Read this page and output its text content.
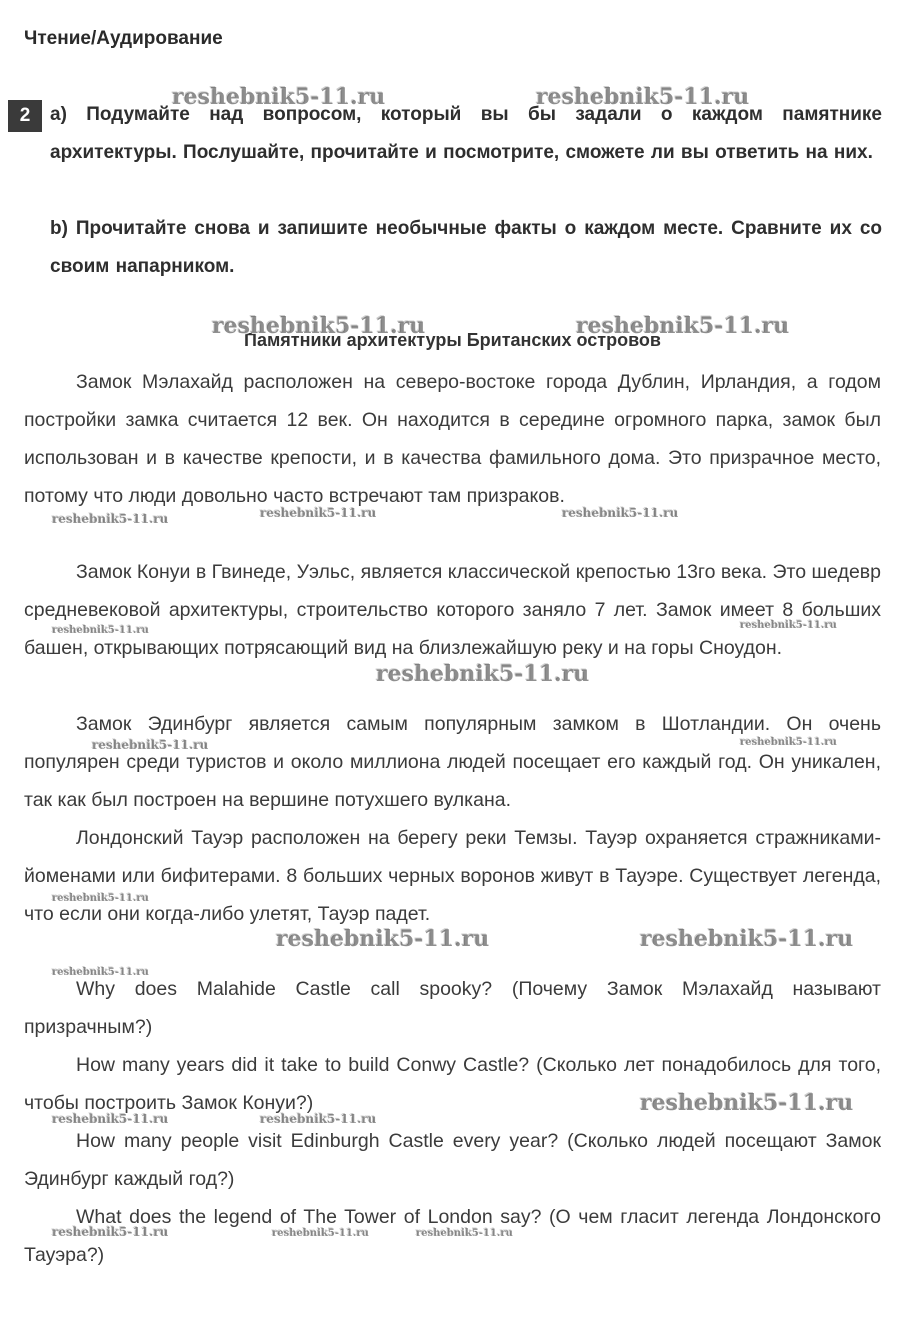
Чтение/Аудирование
2	a) Подумайте над вопросом, который вы бы задали о каждом памятнике архитектуры. Послушайте, прочитайте и посмотрите, сможете ли вы ответить на них.

b) Прочитайте снова и запишите необычные факты о каждом месте. Сравните их со своим напарником.

Памятники архитектуры Британских островов

Замок Мэлахайд расположен на северо-востоке города Дублин, Ирландия, а годом постройки замка считается 12 век. Он находится в середине огромного парка, замок был использован и в качестве крепости, и в качества фамильного дома. Это призрачное место, потому что люди довольно часто встречают там призраков.

Замок Конуи в Гвинеде, Уэльс, является классической крепостью 13го века. Это шедевр средневековой архитектуры, строительство которого заняло 7 лет. Замок имеет 8 больших башен, открывающих потрясающий вид на близлежайшую реку и на горы Сноудон.

Замок Эдинбург является самым популярным замком в Шотландии. Он очень популярен среди туристов и около миллиона людей посещает его каждый год. Он уникален, так как был построен на вершине потухшего вулкана.

Лондонский Тауэр расположен на берегу реки Темзы. Тауэр охраняется стражниками-йоменами или бифитерами. 8 больших черных воронов живут в Тауэре. Существует легенда, что если они когда-либо улетят, Тауэр падет.

Why does Malahide Castle call spooky? (Почему Замок Мэлахайд называют призрачным?)

How many years did it take to build Conwy Castle? (Сколько лет понадобилось для того, чтобы построить Замок Конуи?)

How many people visit Edinburgh Castle every year? (Сколько людей посещают Замок Эдинбург каждый год?)

What does the legend of The Tower of London say? (О чем гласит легенда Лондонского Тауэра?)

reshebnik5-11.ru	reshebnik5-11.ru
reshebnik5-11.ru	reshebnik5-11.ru
reshebnik5-11.ru	reshebnik5-11.ru	reshebnik5-11.ru
reshebnik5-11.ru	reshebnik5-11.ru
reshebnik5-11.ru
reshebnik5-11.ru	reshebnik5-11.ru
reshebnik5-11.ru
reshebnik5-11.ru	reshebnik5-11.ru
reshebnik5-11.ru
reshebnik5-11.ru
reshebnik5-11.ru	reshebnik5-11.ru
reshebnik5-11.ru	reshebnik5-11.ru	reshebnik5-11.ru
